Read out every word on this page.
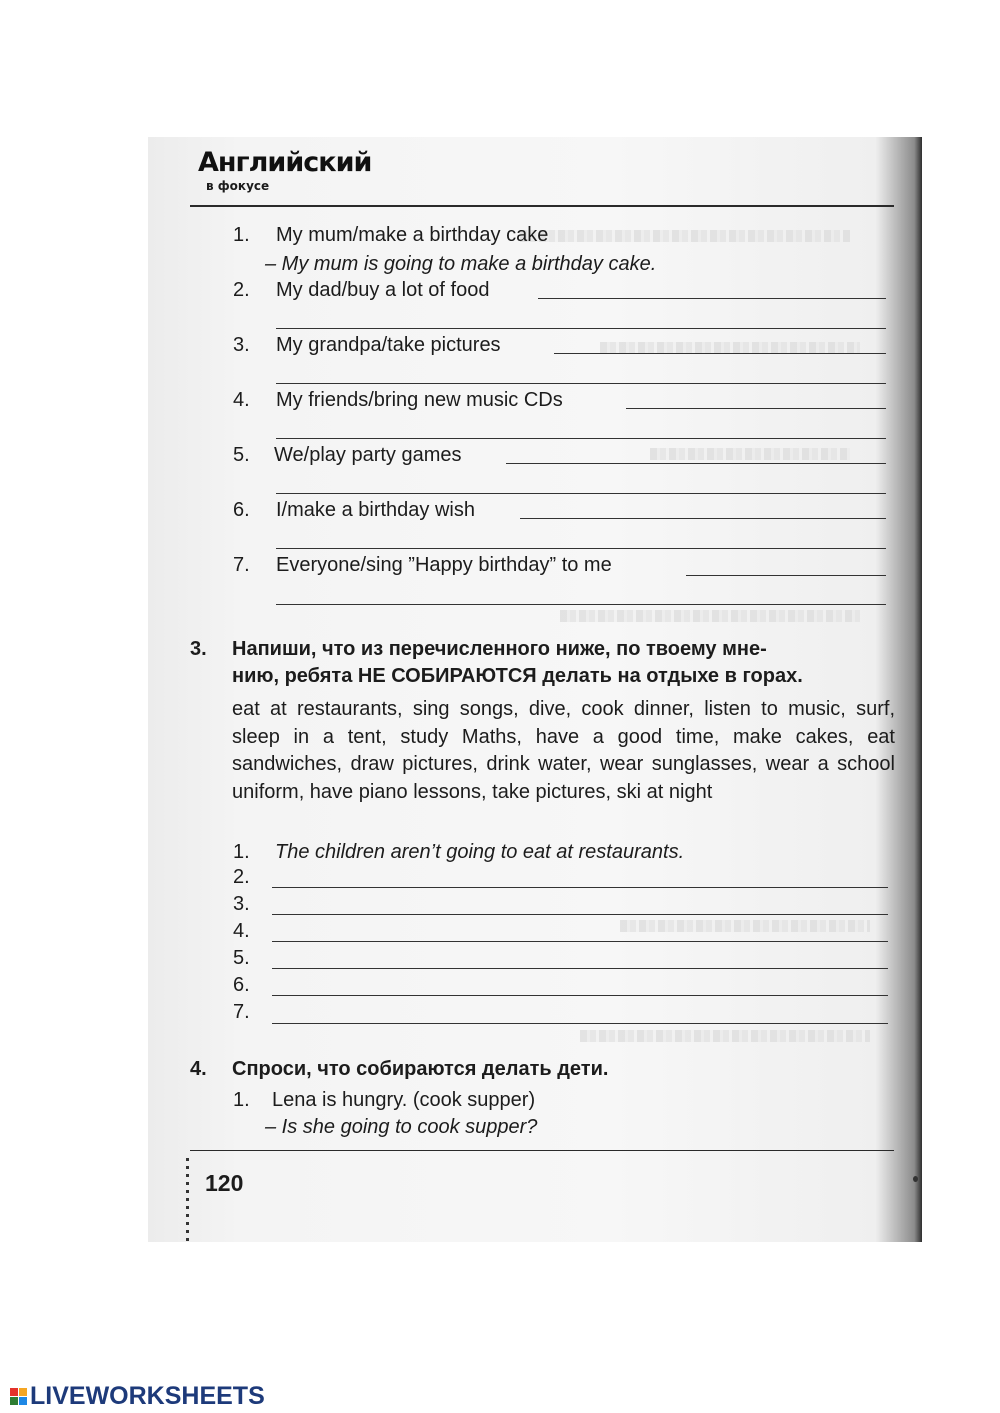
Английский
в фокусе
1. My mum/make a birthday cake
– My mum is going to make a birthday cake.
2. My dad/buy a lot of food
3. My grandpa/take pictures
4. My friends/bring new music CDs
5. We/play party games
6. I/make a birthday wish
7. Everyone/sing ”Happy birthday” to me
3. Напиши, что из перечисленного ниже, по твоему мне-
нию, ребята НЕ СОБИРАЮТСЯ делать на отдыхе в горах.
eat at restaurants, sing songs, dive, cook dinner, listen to music, surf, sleep in a tent, study Maths, have a good time, make cakes, eat sandwiches, draw pictures, drink water, wear sunglasses, wear a school uniform, have piano lessons, take pictures, ski at night
1. The children aren’t going to eat at restaurants.
2.
3.
4.
5.
6.
7.
4. Спроси, что собираются делать дети.
1. Lena is hungry. (cook supper)
– Is she going to cook supper?
120
LIVEWORKSHEETS
